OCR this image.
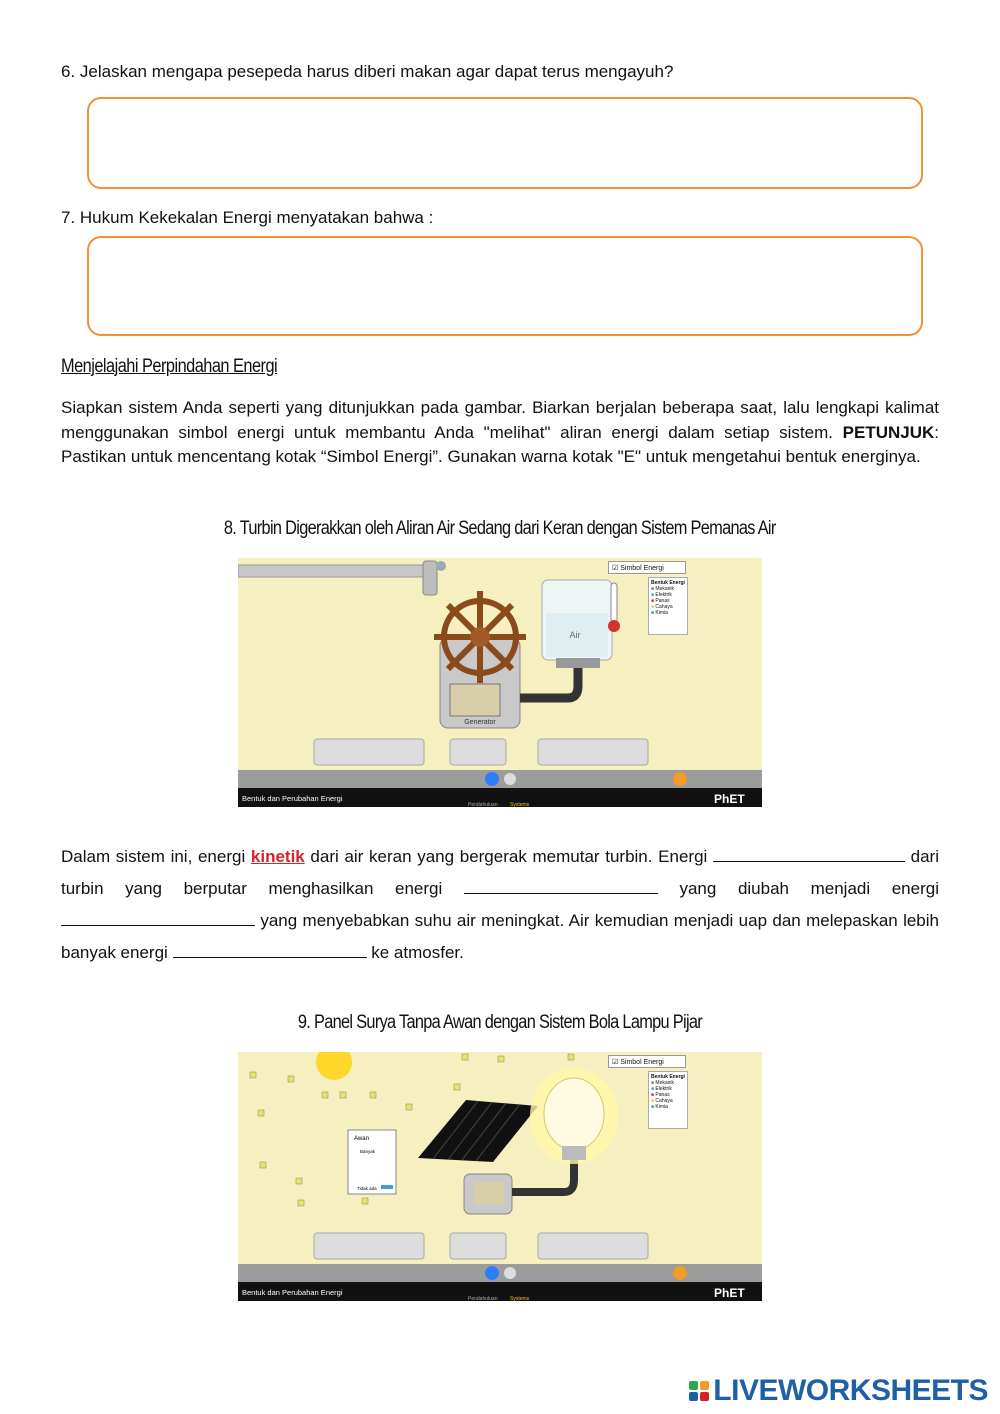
6. Jelaskan mengapa pesepeda harus diberi makan agar dapat terus mengayuh?
7. Hukum Kekekalan Energi menyatakan bahwa :
Menjelajahi Perpindahan Energi
Siapkan sistem Anda seperti yang ditunjukkan pada gambar. Biarkan berjalan beberapa saat, lalu lengkapi kalimat menggunakan simbol energi untuk membantu Anda "melihat" aliran energi dalam setiap sistem. PETUNJUK: Pastikan untuk mencentang kotak “Simbol Energi”. Gunakan warna kotak "E" untuk mengetahui bentuk energinya.
8. Turbin Digerakkan oleh Aliran Air Sedang dari Keran dengan Sistem Pemanas Air
Generator
Air
Bentuk dan Perubahan Energi
Pendahuluan	Systems	PhET
☑ Simbol Energi
Bentuk Energi
■ Mekanik
■ Elektrik
■ Panas
■ Cahaya
■ Kimia
Dalam sistem ini, energi kinetik dari air keran yang bergerak memutar turbin. Energi	dari turbin yang berputar menghasilkan energi	yang diubah menjadi energi  yang menyebabkan suhu air meningkat. Air kemudian menjadi uap dan melepaskan lebih banyak energi	ke atmosfer.
9. Panel Surya Tanpa Awan dengan Sistem Bola Lampu Pijar
Awan
Banyak
Tidak ada
Bentuk dan Perubahan Energi
Pendahuluan	Systems	PhET
☑ Simbol Energi
Bentuk Energi
■ Mekanik
■ Elektrik
■ Panas
■ Cahaya
■ Kimia
LIVEWORKSHEETS
